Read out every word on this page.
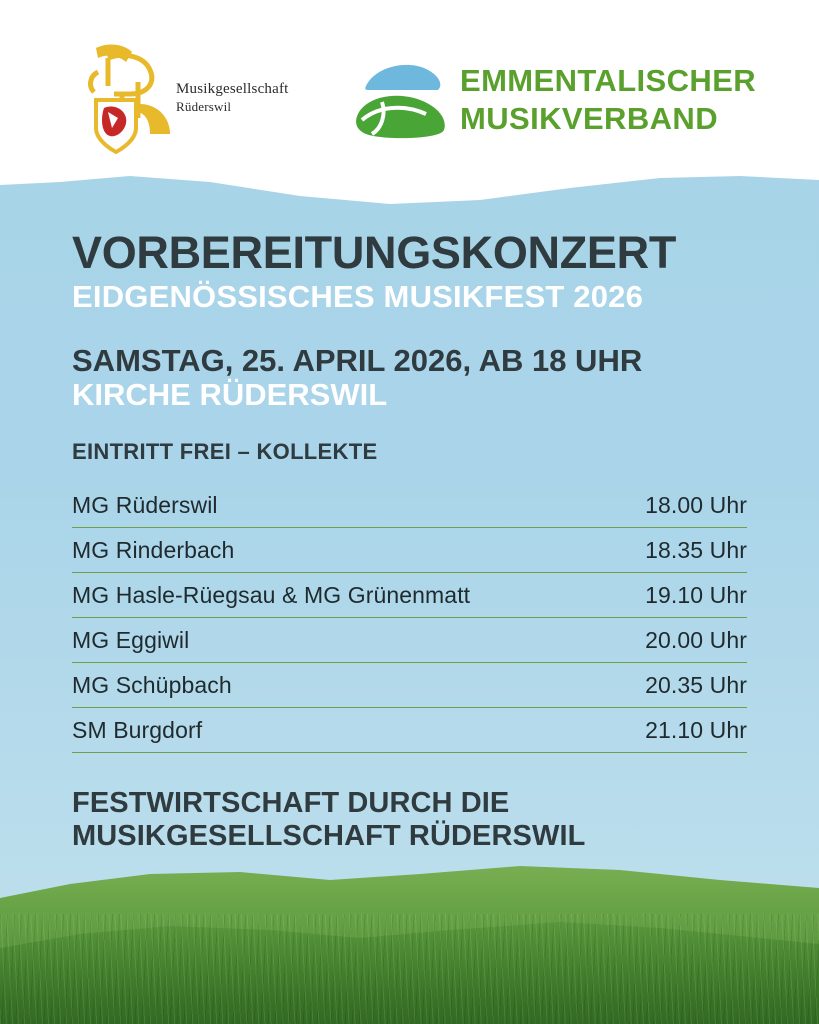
Musikgesellschaft
Rüderswil
EMMENTALISCHER
MUSIKVERBAND
VORBEREITUNGSKONZERT
EIDGENÖSSISCHES MUSIKFEST 2026
SAMSTAG, 25. APRIL 2026, AB 18 UHR
KIRCHE RÜDERSWIL
EINTRITT FREI – KOLLEKTE
MG Rüderswil	18.00 Uhr
MG Rinderbach	18.35 Uhr
MG Hasle-Rüegsau & MG Grünenmatt	19.10 Uhr
MG Eggiwil	20.00 Uhr
MG Schüpbach	20.35 Uhr
SM Burgdorf	21.10 Uhr
FESTWIRTSCHAFT DURCH DIE
MUSIKGESELLSCHAFT RÜDERSWIL
